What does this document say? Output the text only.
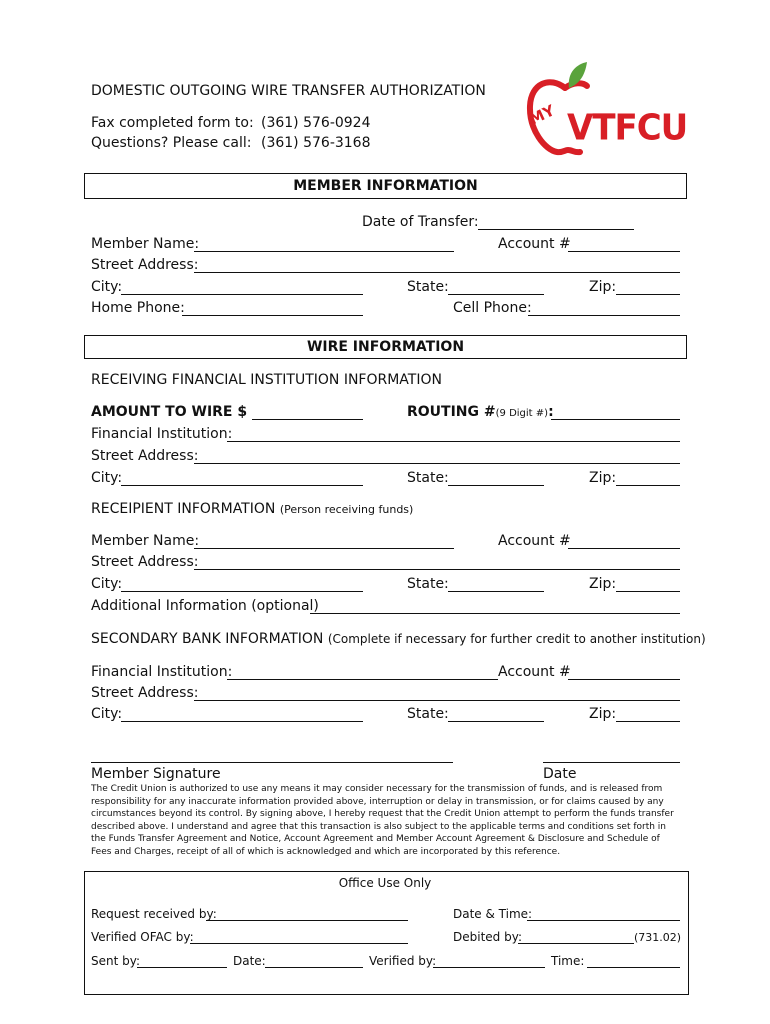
DOMESTIC OUTGOING WIRE TRANSFER AUTHORIZATION
Fax completed form to: (361) 576-0924
Questions? Please call: (361) 576-3168
MY VTFCU
MEMBER INFORMATION
Date of Transfer:
Member Name:	Account #
Street Address:
City:	State:	Zip:
Home Phone:	Cell Phone:
WIRE INFORMATION
RECEIVING FINANCIAL INSTITUTION INFORMATION
AMOUNT TO WIRE $	ROUTING #(9 Digit #):
Financial Institution:
Street Address:
City:	State:	Zip:
RECEIPIENT INFORMATION (Person receiving funds)
Member Name:	Account #
Street Address:
City:	State:	Zip:
Additional Information (optional)
SECONDARY BANK INFORMATION (Complete if necessary for further credit to another institution)
Financial Institution:	Account #
Street Address:
City:	State:	Zip:
Member Signature	Date
The Credit Union is authorized to use any means it may consider necessary for the transmission of funds, and is released from responsibility for any inaccurate information provided above, interruption or delay in transmission, or for claims caused by any circumstances beyond its control. By signing above, I hereby request that the Credit Union attempt to perform the funds transfer described above. I understand and agree that this transaction is also subject to the applicable terms and conditions set forth in the Funds Transfer Agreement and Notice, Account Agreement and Member Account Agreement & Disclosure and Schedule of Fees and Charges, receipt of all of which is acknowledged and which are incorporated by this reference.
Office Use Only
Request received by:	Date & Time:
Verified OFAC by:	Debited by:	(731.02)
Sent by:	Date:	Verified by:	Time:
